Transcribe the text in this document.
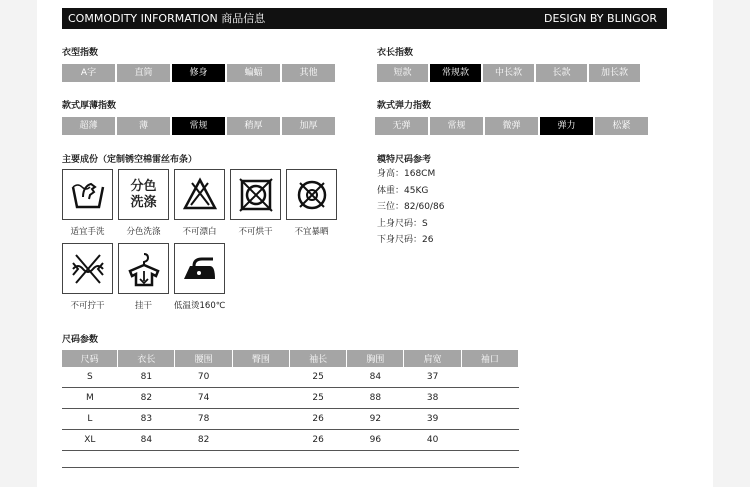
COMMODITY INFORMATION 商品信息	DESIGN BY BLINGOR
衣型指数
A字	直筒	修身	蝙蝠	其他
衣长指数
短款	常规款	中长款	长款	加长款
款式厚薄指数
超薄	薄	常规	稍厚	加厚
款式弹力指数
无弹	常规	微弹	弹力	松紧
主要成份（定制锈空棉雷丝布条）
适宜手洗
分色
洗涤
分色洗涤	不可漂白	不可烘干	不宜暴晒
不可拧干	挂干	低温烫160℃
模特尺码参考
身高：168CM
体重：45KG
三位：82/60/86
上身尺码：S
下身尺码：26
尺码参数
尺码	衣长	腰围	臀围	袖长	胸围	肩宽	袖口
S	81	70		25	84	37	
M	82	74		25	88	38	
L	83	78		26	92	39	
XL	84	82		26	96	40	
